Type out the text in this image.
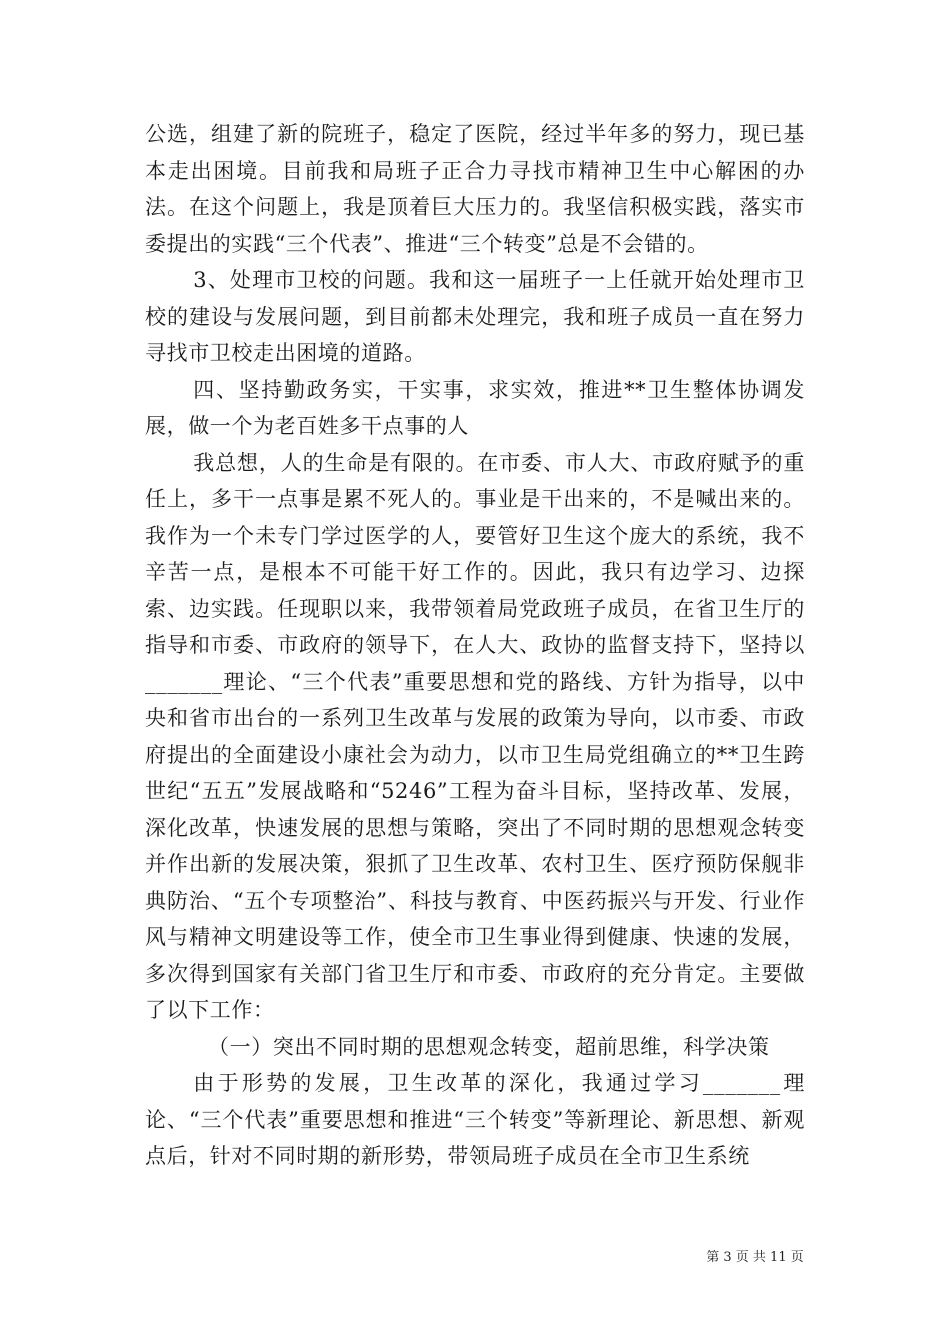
公选，组建了新的院班子，稳定了医院，经过半年多的努力，现已基本走出困境。目前我和局班子正合力寻找市精神卫生中心解困的办法。在这个问题上，我是顶着巨大压力的。我坚信积极实践，落实市委提出的实践“三个代表”、推进“三个转变”总是不会错的。

3、处理市卫校的问题。我和这一届班子一上任就开始处理市卫校的建设与发展问题，到目前都未处理完，我和班子成员一直在努力寻找市卫校走出困境的道路。

四、坚持勤政务实，干实事，求实效，推进**卫生整体协调发展，做一个为老百姓多干点事的人

我总想，人的生命是有限的。在市委、市人大、市政府赋予的重任上，多干一点事是累不死人的。事业是干出来的，不是喊出来的。我作为一个未专门学过医学的人，要管好卫生这个庞大的系统，我不辛苦一点，是根本不可能干好工作的。因此，我只有边学习、边探索、边实践。任现职以来，我带领着局党政班子成员，在省卫生厅的指导和市委、市政府的领导下，在人大、政协的监督支持下，坚持以_______理论、“三个代表”重要思想和党的路线、方针为指导，以中央和省市出台的一系列卫生改革与发展的政策为导向，以市委、市政府提出的全面建设小康社会为动力，以市卫生局党组确立的**卫生跨世纪“五五”发展战略和“5246”工程为奋斗目标，坚持改革、发展，深化改革，快速发展的思想与策略，突出了不同时期的思想观念转变并作出新的发展决策，狠抓了卫生改革、农村卫生、医疗预防保舰非典防治、“五个专项整治”、科技与教育、中医药振兴与开发、行业作风与精神文明建设等工作，使全市卫生事业得到健康、快速的发展，多次得到国家有关部门省卫生厅和市委、市政府的充分肯定。主要做了以下工作：

（一）突出不同时期的思想观念转变，超前思维，科学决策

由于形势的发展，卫生改革的深化，我通过学习_______理论、“三个代表”重要思想和推进“三个转变”等新理论、新思想、新观点后，针对不同时期的新形势，带领局班子成员在全市卫生系统

第 3 页 共 11 页
